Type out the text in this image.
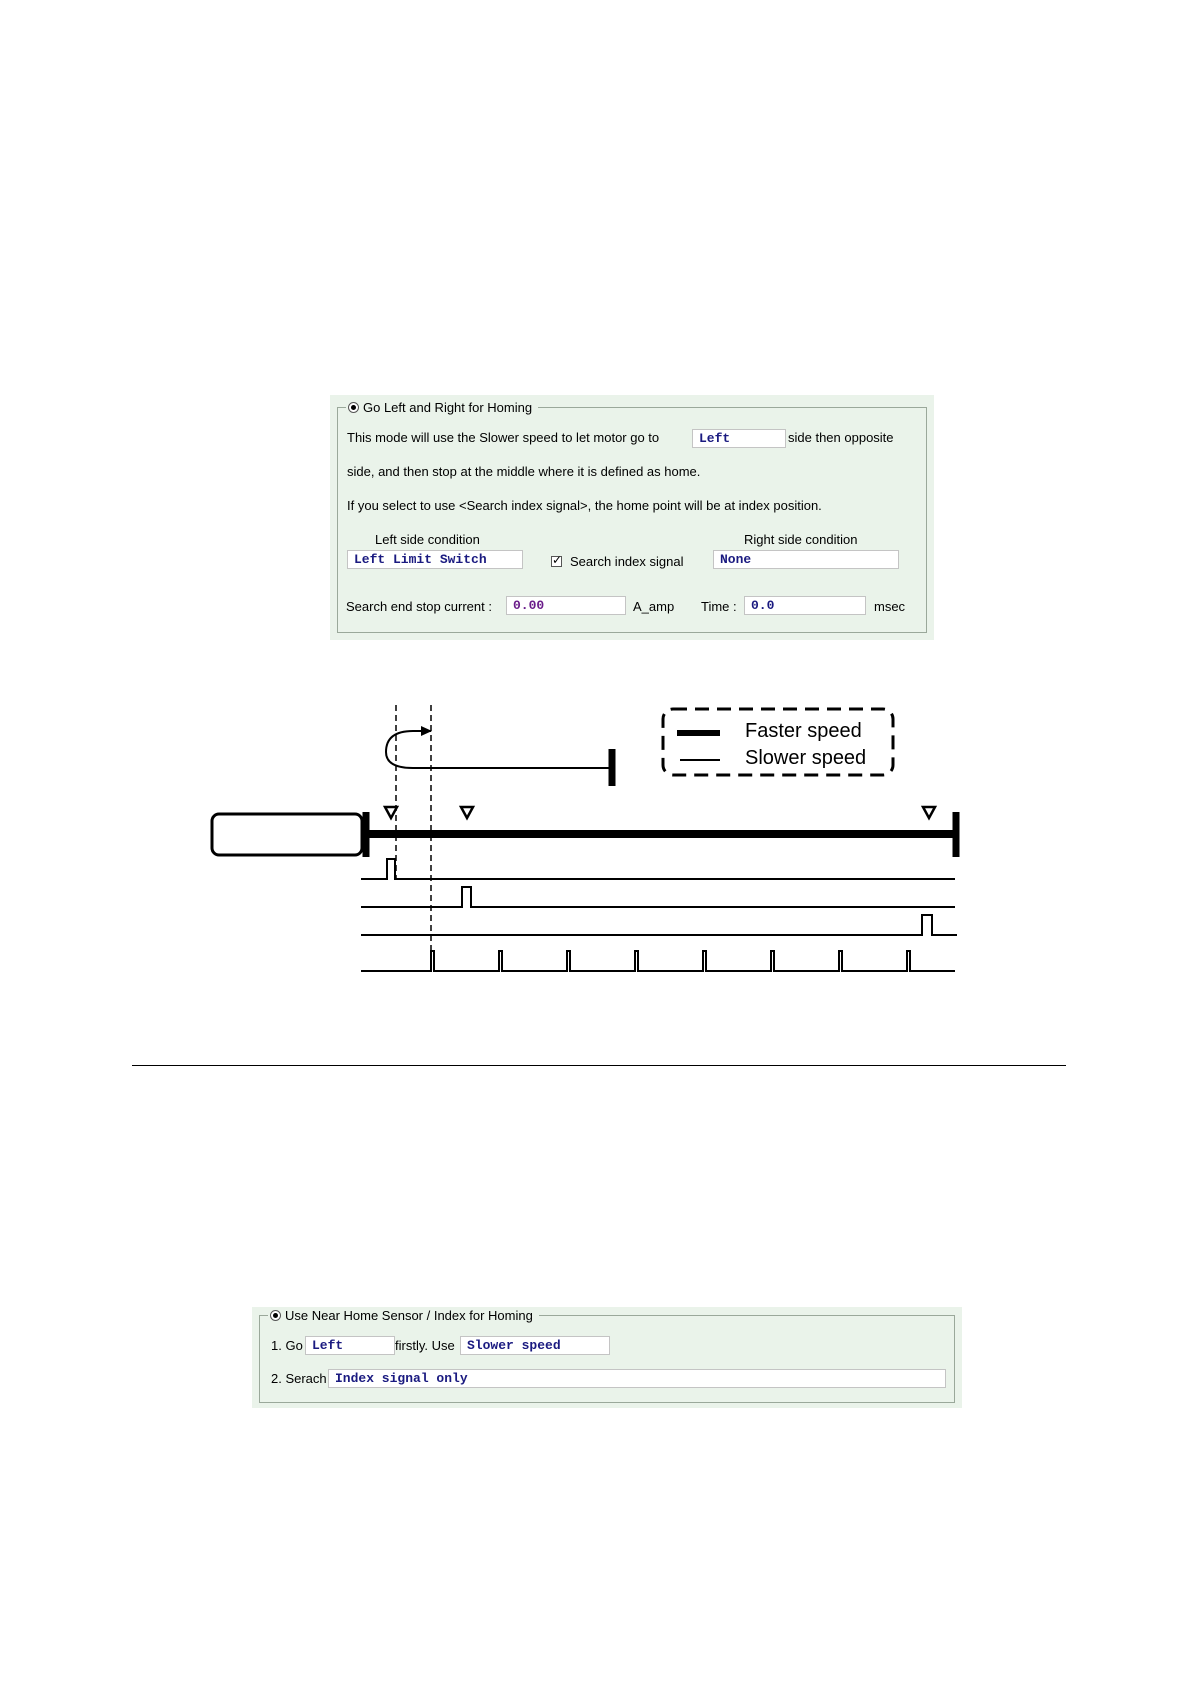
Go Left and Right for Homing
This mode will use the Slower speed to let motor go to	Left	side then opposite
side, and then stop at the middle where it is defined as home.
If you select to use <Search index signal>, the home point will be at index position.
Left side condition
Left Limit Switch
✓	Search index signal
Right side condition
None
Search end stop current :	0.00	A_amp Time :	0.0	msec
Faster speed
Slower speed
Use Near Home Sensor / Index for Homing
1. Go Left	firstly. Use Slower speed
2. Serach Index signal only
